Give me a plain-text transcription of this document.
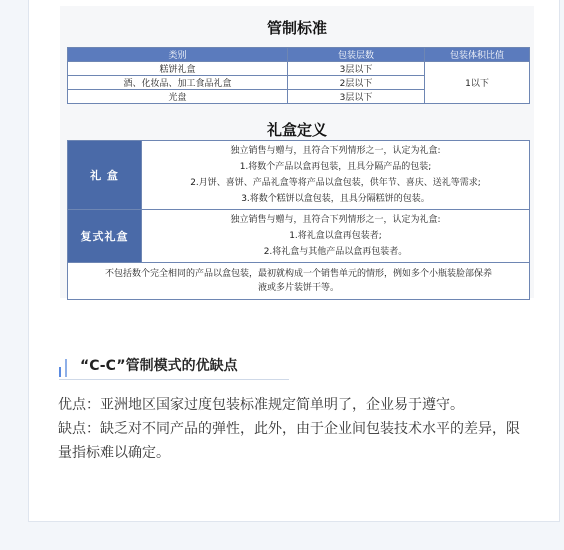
管制标准
类别	包装层数	包装体积比值
糕饼礼盒	3层以下	1以下
酒、化妆品、加工食品礼盒	2层以下	
光盘	3层以下	
礼盒定义
礼 盒	独立销售与赠与，且符合下列情形之一，认定为礼盒:
1.将数个产品以盒再包装，且具分隔产品的包装;
2.月饼、喜饼、产品礼盒等将产品以盒包装，供年节、喜庆、送礼等需求;
3.将数个糕饼以盒包装，且具分隔糕饼的包装。

复式礼盒	独立销售与赠与，且符合下列情形之一，认定为礼盒:
1.将礼盒以盒再包装者;
2.将礼盒与其他产品以盒再包装者。

不包括数个完全相同的产品以盒包装，最初就构成一个销售单元的情形，例如多个小瓶装脸部保养
液或多片装饼干等。	
“C-C”管制模式的优缺点

优点：亚洲地区国家过度包装标准规定简单明了，企业易于遵守。

缺点：缺乏对不同产品的弹性，此外，由于企业间包装技术水平的差异，限量指标难以确定。
